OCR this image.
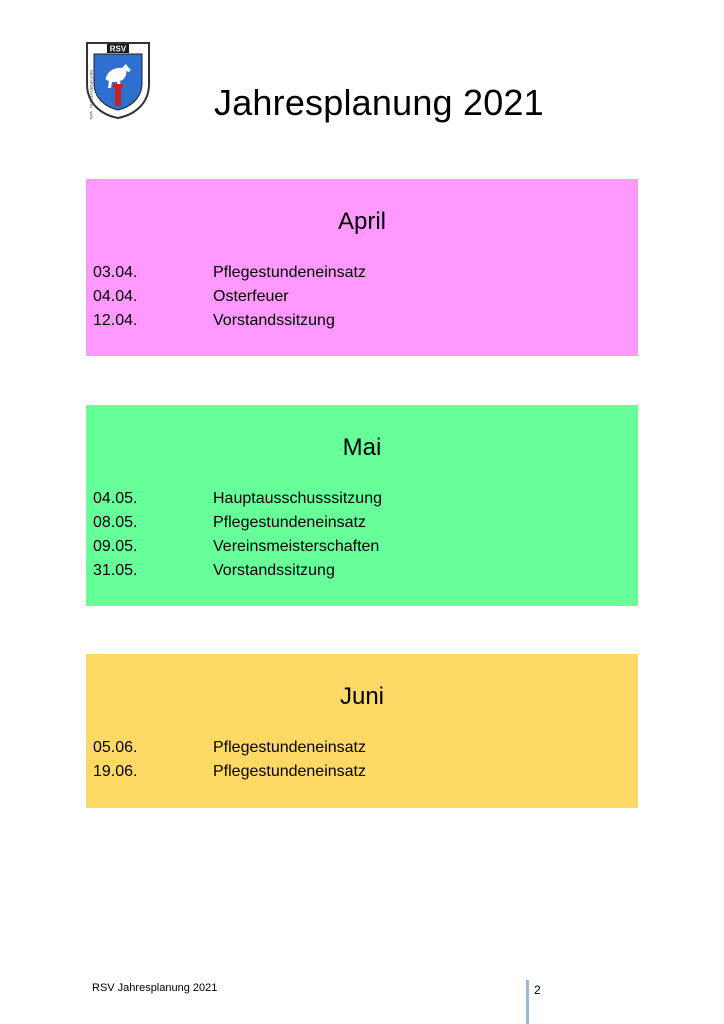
RSV
REITSPORTVEREIN · WOLFENBÜTTEL e.V.	Jahresplanung 2021
April
03.04.	Pflegestundeneinsatz
04.04.	Osterfeuer
12.04.	Vorstandssitzung
Mai
04.05.	Hauptausschusssitzung
08.05.	Pflegestundeneinsatz
09.05.	Vereinsmeisterschaften
31.05.	Vorstandssitzung
Juni
05.06.	Pflegestundeneinsatz
19.06.	Pflegestundeneinsatz
RSV Jahresplanung 2021	2
